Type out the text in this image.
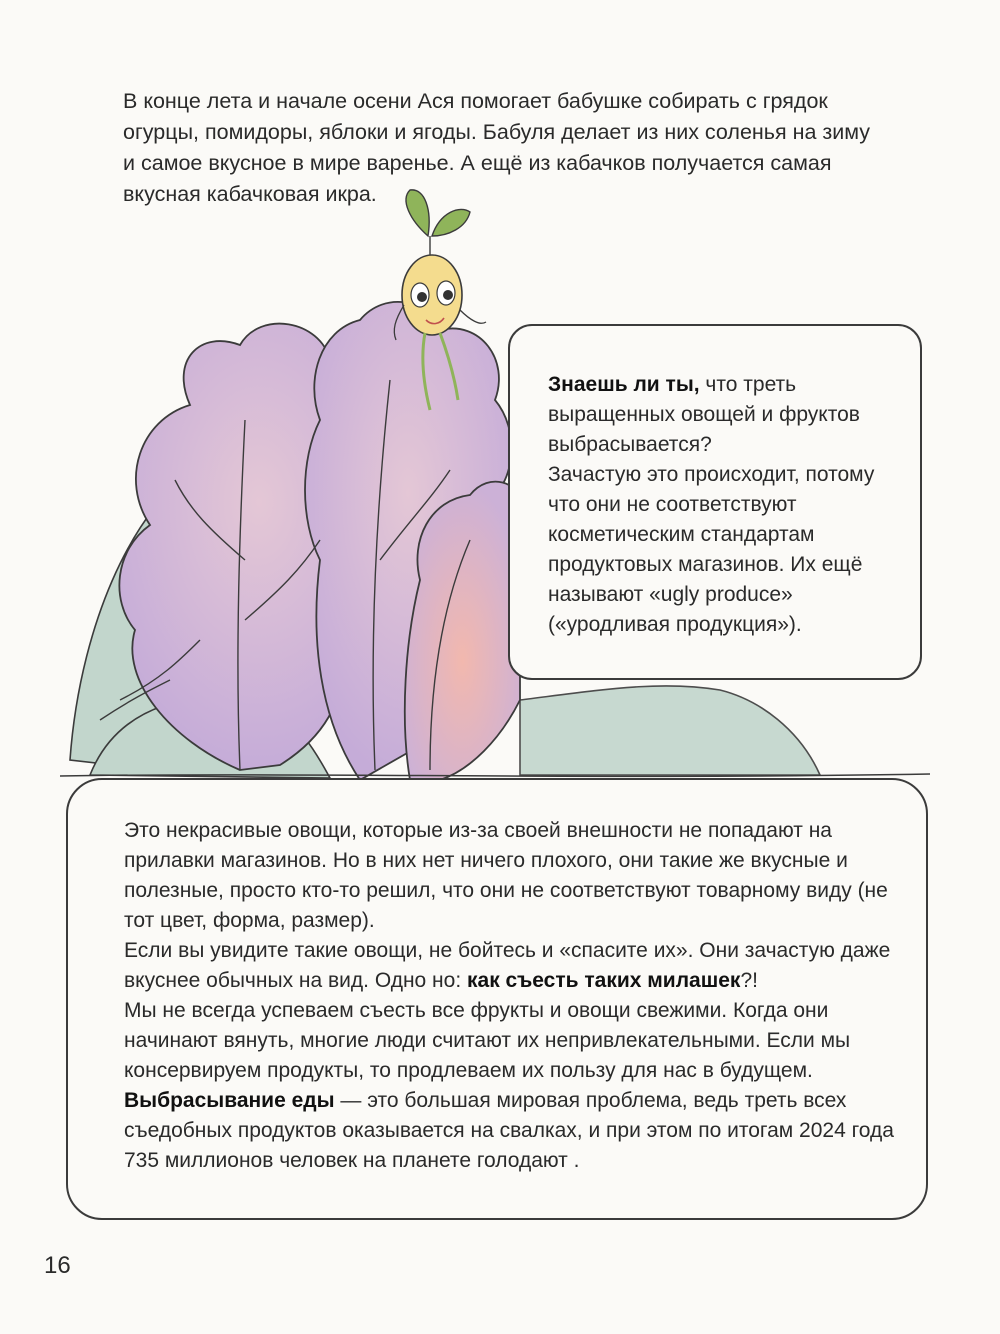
В конце лета и начале осени Ася помогает бабушке собирать с грядок огурцы, помидоры, яблоки и ягоды. Бабуля делает из них соленья на зиму и самое вкусное в мире варенье. А ещё из кабачков получается самая вкусная кабачковая икра.

Знаешь ли ты, что треть выращенных овощей и фруктов выбрасывается?
Зачастую это происходит, потому что они не соответствуют косметическим стандартам продуктовых магазинов. Их ещё называют «ugly produce» («уродливая продукция»).

Это некрасивые овощи, которые из-за своей внешности не попадают на прилавки магазинов. Но в них нет ничего плохого, они такие же вкусные и полезные, просто кто-то решил, что они не соответствуют товарному виду (не тот цвет, форма, размер).

Если вы увидите такие овощи, не бойтесь и «спасите их». Они зачастую даже вкуснее обычных на вид. Одно но: как съесть таких милашек?!

Мы не всегда успеваем съесть все фрукты и овощи свежими. Когда они начинают вянуть, многие люди считают их непривлекательными. Если мы консервируем продукты, то продлеваем их пользу для нас в будущем.

Выбрасывание еды — это большая мировая проблема, ведь треть всех съедобных продуктов оказывается на свалках, и при этом по итогам 2024 года 735 миллионов человек на планете голодают .

16
